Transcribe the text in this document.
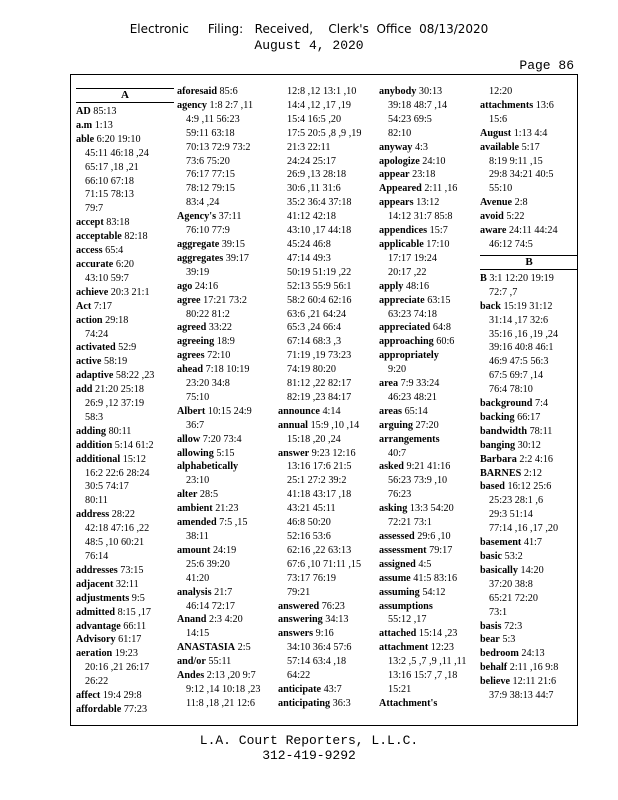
Electronic     Filing:   Received,    Clerk's  Office  08/13/2020
August 4, 2020
Page 86
A
AD 85:13
a.m 1:13
able 6:20 19:10
45:11 46:18 ,24
65:17 ,18 ,21
66:10 67:18
71:15 78:13
79:7
accept 83:18
acceptable 82:18
access 65:4
accurate 6:20
43:10 59:7
achieve 20:3 21:1
Act 7:17
action 29:18
74:24
activated 52:9
active 58:19
adaptive 58:22 ,23
add 21:20 25:18
26:9 ,12 37:19
58:3
adding 80:11
addition 5:14 61:2
additional 15:12
16:2 22:6 28:24
30:5 74:17
80:11
address 28:22
42:18 47:16 ,22
48:5 ,10 60:21
76:14
addresses 73:15
adjacent 32:11
adjustments 9:5
admitted 8:15 ,17
advantage 66:11
Advisory 61:17
aeration 19:23
20:16 ,21 26:17
26:22
affect 19:4 29:8
affordable 77:23
aforesaid 85:6
agency 1:8 2:7 ,11
4:9 ,11 56:23
59:11 63:18
70:13 72:9 73:2
73:6 75:20
76:17 77:15
78:12 79:15
83:4 ,24
Agency's 37:11
76:10 77:9
aggregate 39:15
aggregates 39:17
39:19
ago 24:16
agree 17:21 73:2
80:22 81:2
agreed 33:22
agreeing 18:9
agrees 72:10
ahead 7:18 10:19
23:20 34:8
75:10
Albert 10:15 24:9
36:7
allow 7:20 73:4
allowing 5:15
alphabetically
23:10
alter 28:5
ambient 21:23
amended 7:5 ,15
38:11
amount 24:19
25:6 39:20
41:20
analysis 21:7
46:14 72:17
Anand 2:3 4:20
14:15
ANASTASIA 2:5
and/or 55:11
Andes 2:13 ,20 9:7
9:12 ,14 10:18 ,23
11:8 ,18 ,21 12:6
12:8 ,12 13:1 ,10
14:4 ,12 ,17 ,19
15:4 16:5 ,20
17:5 20:5 ,8 ,9 ,19
21:3 22:11
24:24 25:17
26:9 ,13 28:18
30:6 ,11 31:6
35:2 36:4 37:18
41:12 42:18
43:10 ,17 44:18
45:24 46:8
47:14 49:3
50:19 51:19 ,22
52:13 55:9 56:1
58:2 60:4 62:16
63:6 ,21 64:24
65:3 ,24 66:4
67:14 68:3 ,3
71:19 ,19 73:23
74:19 80:20
81:12 ,22 82:17
82:19 ,23 84:17
announce 4:14
annual 15:9 ,10 ,14
15:18 ,20 ,24
answer 9:23 12:16
13:16 17:6 21:5
25:1 27:2 39:2
41:18 43:17 ,18
43:21 45:11
46:8 50:20
52:16 53:6
62:16 ,22 63:13
67:6 ,10 71:11 ,15
73:17 76:19
79:21
answered 76:23
answering 34:13
answers 9:16
34:10 36:4 57:6
57:14 63:4 ,18
64:22
anticipate 43:7
anticipating 36:3
anybody 30:13
39:18 48:7 ,14
54:23 69:5
82:10
anyway 4:3
apologize 24:10
appear 23:18
Appeared 2:11 ,16
appears 13:12
14:12 31:7 85:8
appendices 15:7
applicable 17:10
17:17 19:24
20:17 ,22
apply 48:16
appreciate 63:15
63:23 74:18
appreciated 64:8
approaching 60:6
appropriately
9:20
area 7:9 33:24
46:23 48:21
areas 65:14
arguing 27:20
arrangements
40:7
asked 9:21 41:16
56:23 73:9 ,10
76:23
asking 13:3 54:20
72:21 73:1
assessed 29:6 ,10
assessment 79:17
assigned 4:5
assume 41:5 83:16
assuming 54:12
assumptions
55:12 ,17
attached 15:14 ,23
attachment 12:23
13:2 ,5 ,7 ,9 ,11 ,11
13:16 15:7 ,7 ,18
15:21
Attachment's
12:20
attachments 13:6
15:6
August 1:13 4:4
available 5:17
8:19 9:11 ,15
29:8 34:21 40:5
55:10
Avenue 2:8
avoid 5:22
aware 24:11 44:24
46:12 74:5
B
B 3:1 12:20 19:19
72:7 ,7
back 15:19 31:12
31:14 ,17 32:6
35:16 ,16 ,19 ,24
39:16 40:8 46:1
46:9 47:5 56:3
67:5 69:7 ,14
76:4 78:10
background 7:4
backing 66:17
bandwidth 78:11
banging 30:12
Barbara 2:2 4:16
BARNES 2:12
based 16:12 25:6
25:23 28:1 ,6
29:3 51:14
77:14 ,16 ,17 ,20
basement 41:7
basic 53:2
basically 14:20
37:20 38:8
65:21 72:20
73:1
basis 72:3
bear 5:3
bedroom 24:13
behalf 2:11 ,16 9:8
believe 12:11 21:6
37:9 38:13 44:7
L.A. Court Reporters, L.L.C.
312-419-9292
